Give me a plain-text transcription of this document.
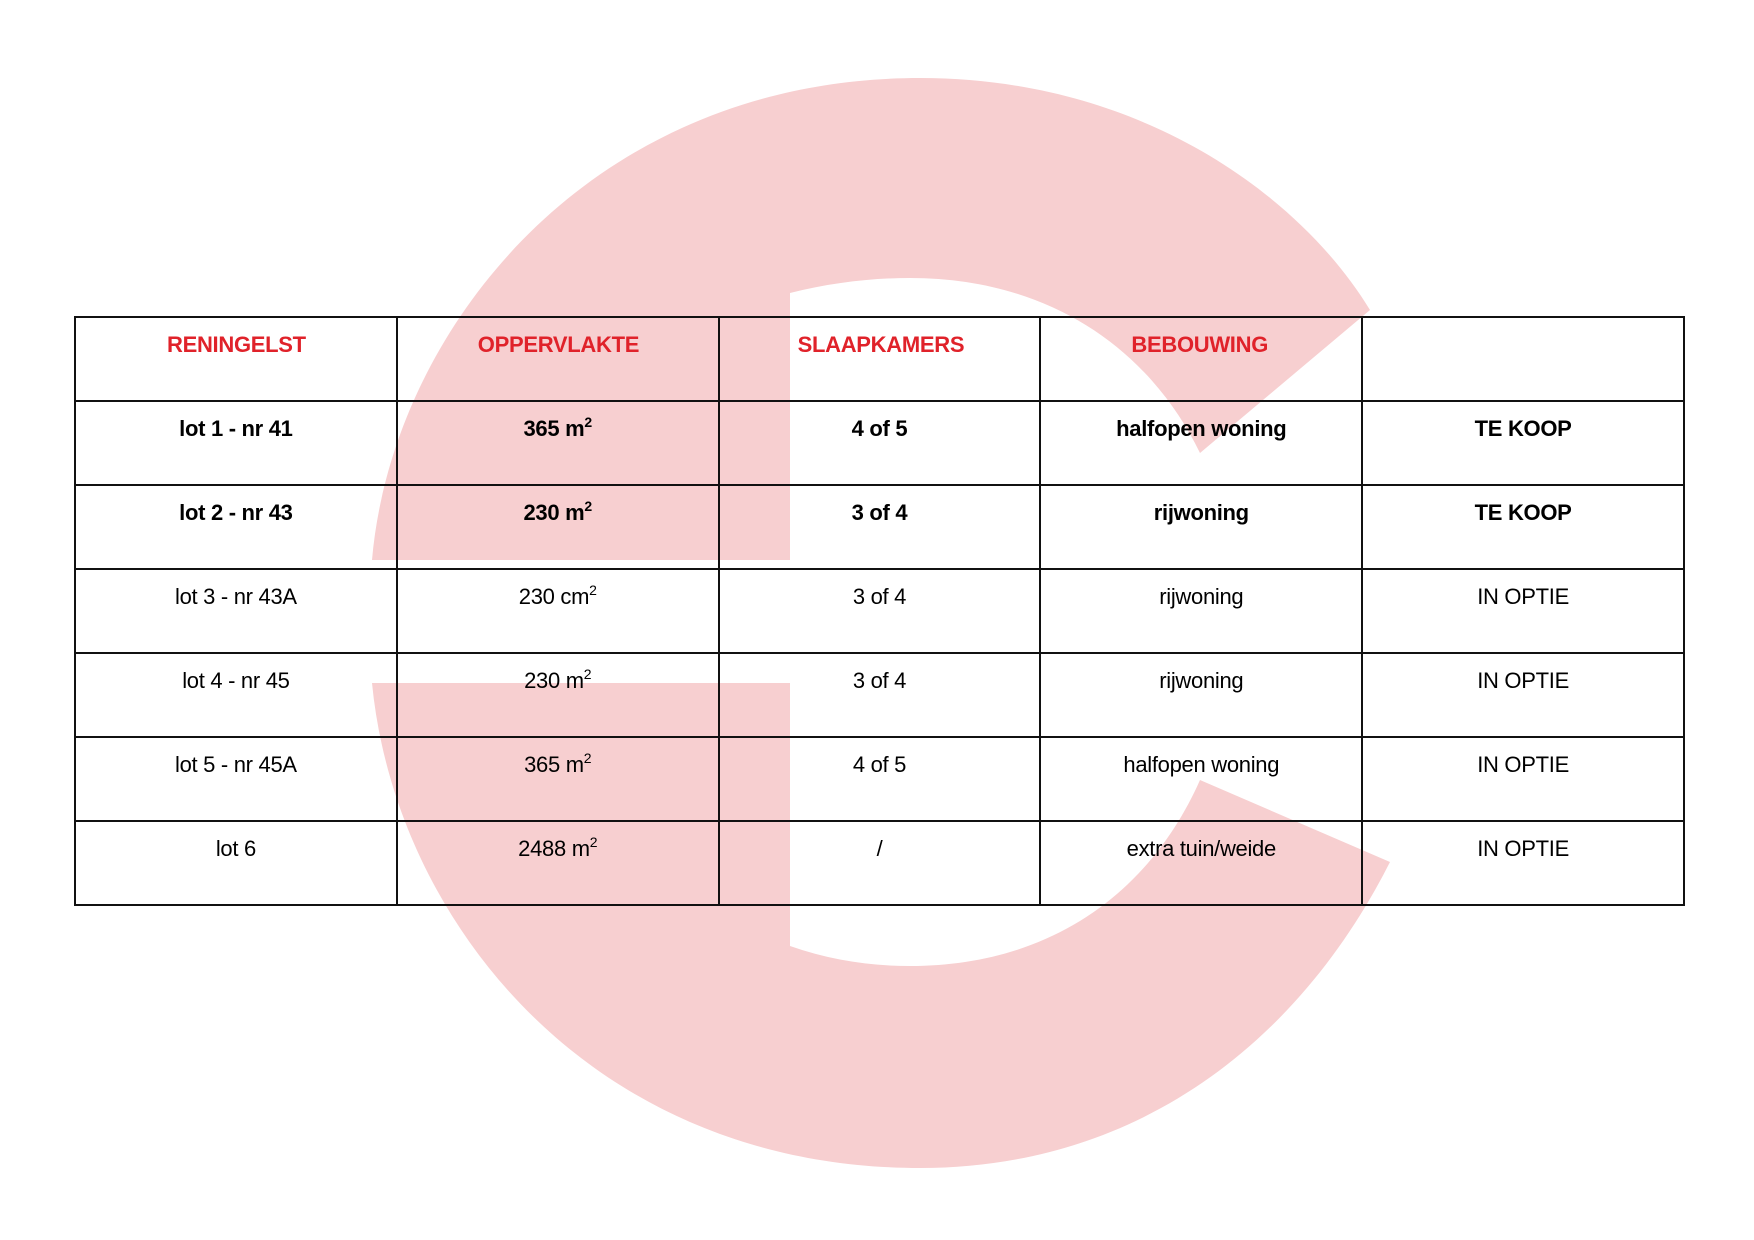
RENINGELST	OPPERVLAKTE	SLAAPKAMERS	BEBOUWING	
lot 1 - nr 41	365 $m^2$	4 of 5	halfopen woning	TE KOOP
lot 2 - nr 43	230 $m^2$	3 of 4	rijwoning	TE KOOP
lot 3 - nr 43A	230 $cm^2$	3 of 4	rijwoning	IN OPTIE
lot 4 - nr 45	230 $m^2$	3 of 4	rijwoning	IN OPTIE
lot 5 - nr 45A	365 $m^2$	4 of 5	halfopen woning	IN OPTIE
lot 6	2488 $m^2$	/	extra tuin/weide	IN OPTIE
